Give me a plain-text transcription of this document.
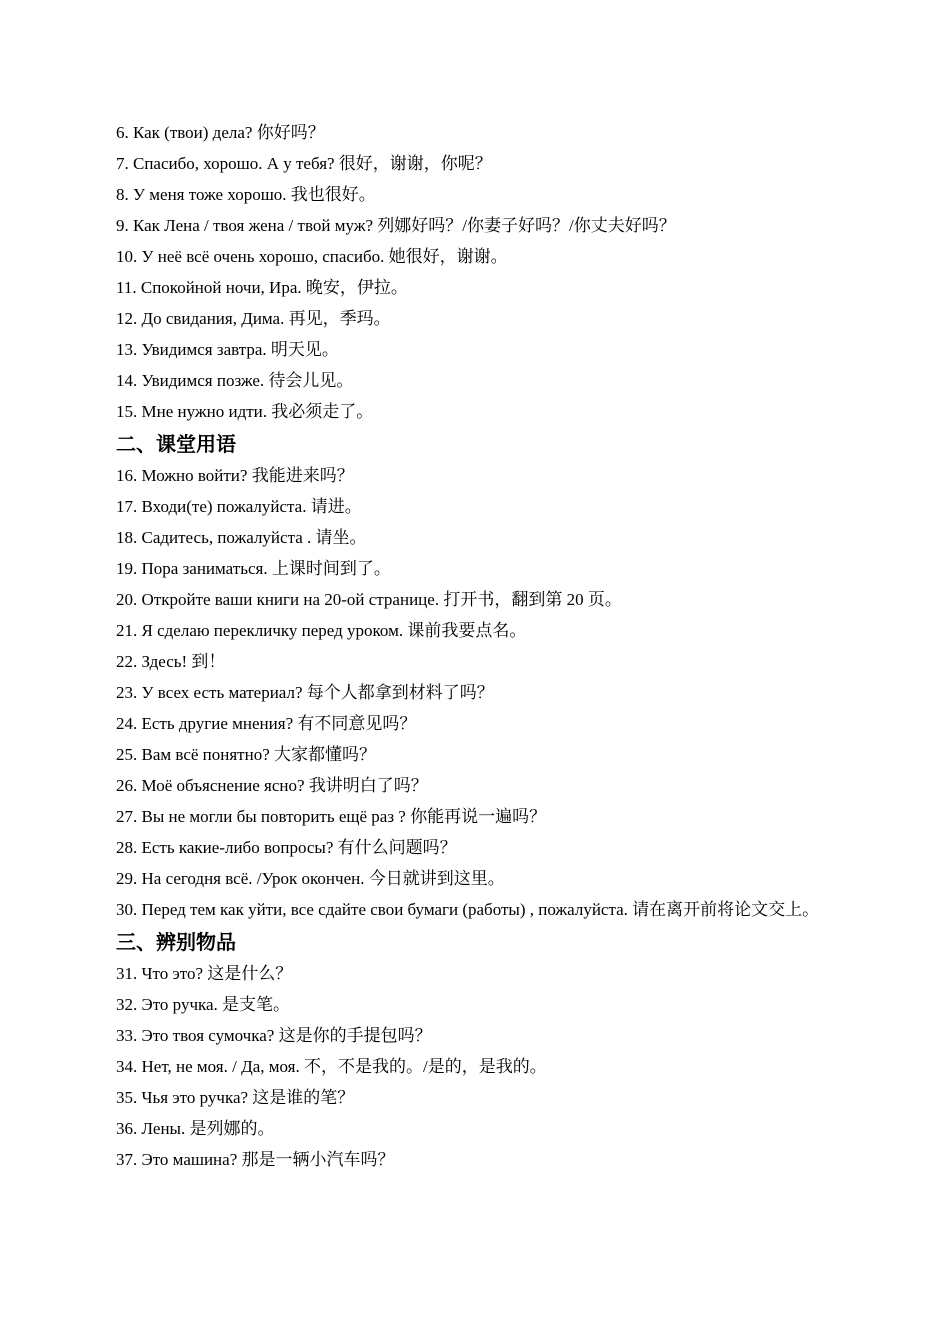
6. Как (твои) дела? 你好吗？
7. Спасибо, хорошо. А у тебя? 很好，谢谢，你呢？
8. У меня тоже хорошо. 我也很好。
9. Как Лена / твоя жена / твой муж? 列娜好吗？/你妻子好吗？/你丈夫好吗？
10. У неё всё очень хорошо, спасибо. 她很好，谢谢。
11. Спокойной ночи, Ира. 晚安，伊拉。
12. До свидания, Дима. 再见，季玛。
13. Увидимся завтра. 明天见。
14. Увидимся позже. 待会儿见。
15. Мне нужно идти. 我必须走了。
二、课堂用语
16. Можно войти? 我能进来吗？
17. Входи(те) пожалуйста. 请进。
18. Садитесь, пожалуйста . 请坐。
19. Пора заниматься. 上课时间到了。
20. Откройте ваши книги на 20-ой странице. 打开书，翻到第 20 页。
21. Я сделаю перекличку перед уроком. 课前我要点名。
22. Здесь! 到！
23. У всех есть материал? 每个人都拿到材料了吗？
24. Есть другие мнения? 有不同意见吗？
25. Вам всё понятно? 大家都懂吗？
26. Моё объяснение ясно? 我讲明白了吗？
27. Вы не могли бы повторить ещё раз ? 你能再说一遍吗？
28. Есть какие-либо вопросы? 有什么问题吗？
29. На сегодня всё. /Урок окончен. 今日就讲到这里。
30. Перед тем как уйти, все сдайте свои бумаги (работы) , пожалуйста. 请在离开前将论文交上。
三、辨别物品
31. Что это? 这是什么？
32. Это ручка. 是支笔。
33. Это твоя сумочка? 这是你的手提包吗？
34. Нет, не моя. / Да, моя. 不，不是我的。/是的，是我的。
35. Чья это ручка? 这是谁的笔？
36. Лены. 是列娜的。
37. Это машина? 那是一辆小汽车吗？
